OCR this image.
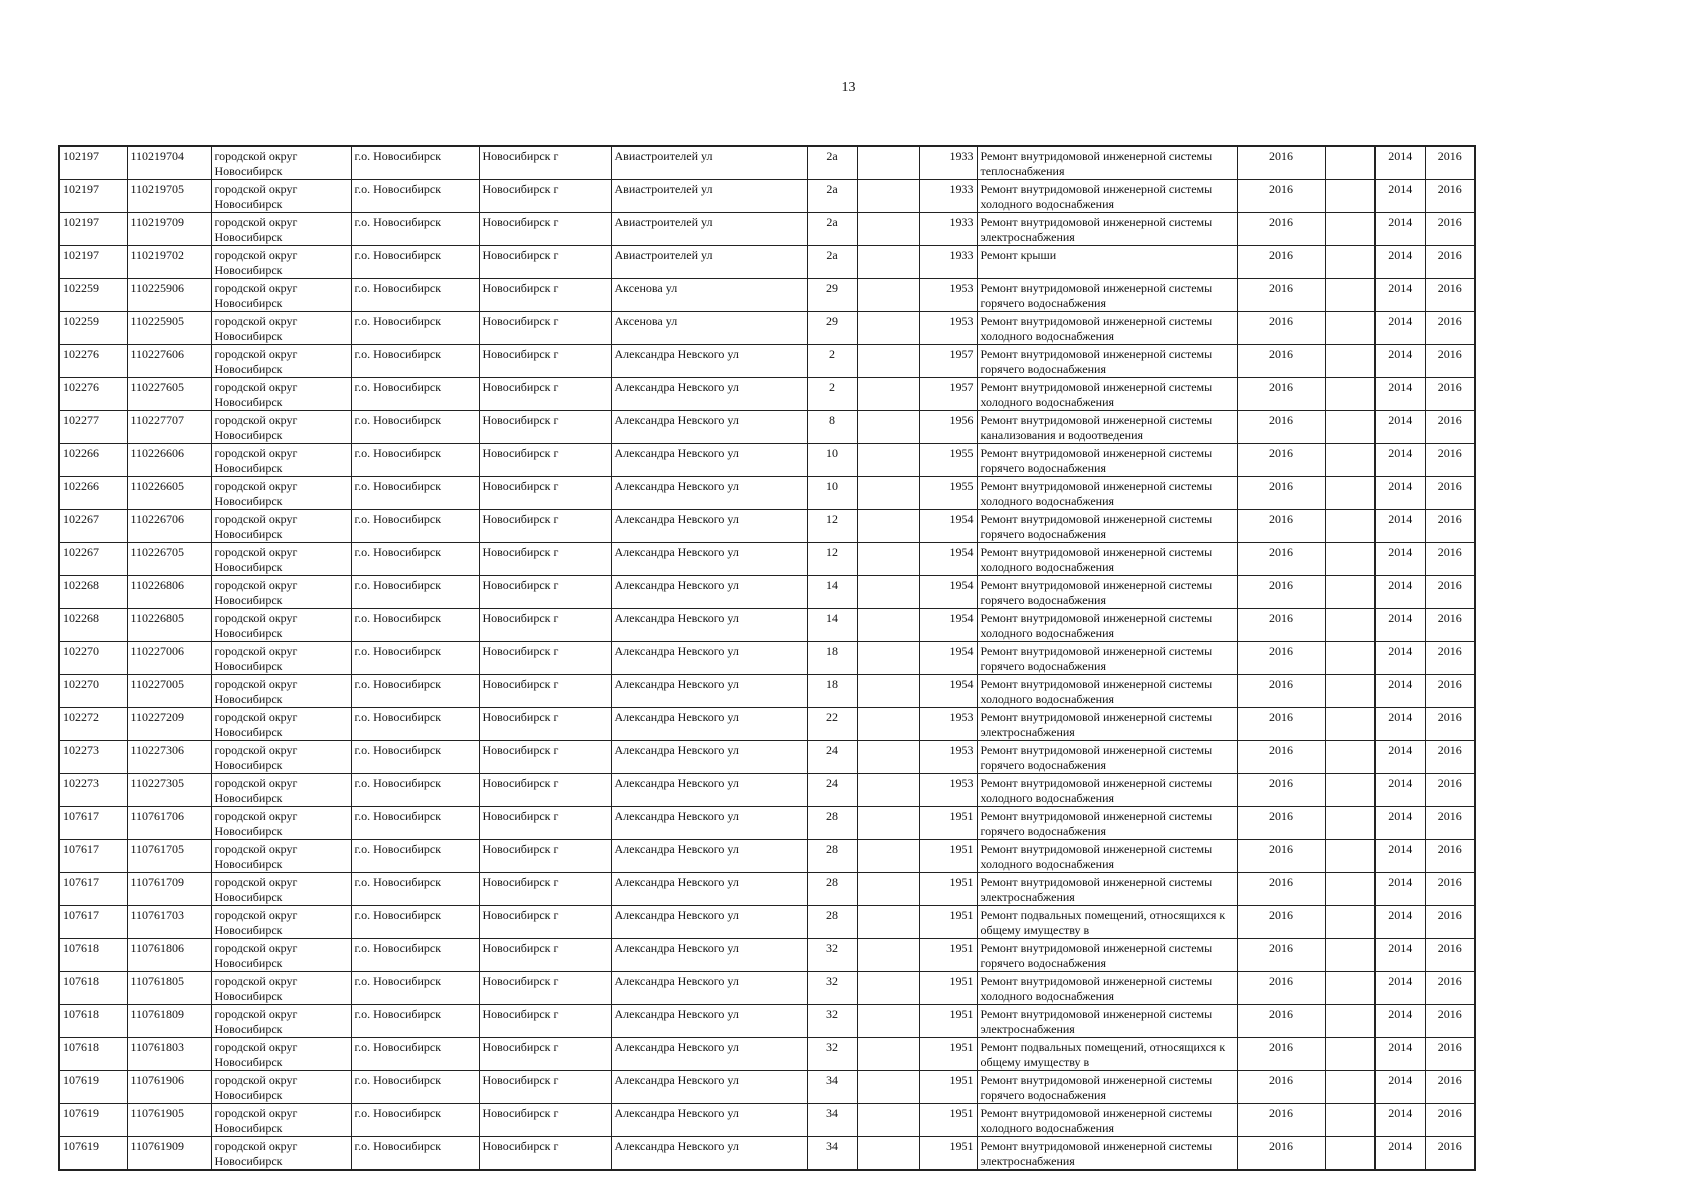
13
102197	110219704	городской округ Новосибирск	г.о. Новосибирск	Новосибирск г	Авиастроителей ул	2а		1933	Ремонт внутридомовой инженерной системы теплоснабжения	2016		2014	2016
102197	110219705	городской округ Новосибирск	г.о. Новосибирск	Новосибирск г	Авиастроителей ул	2а		1933	Ремонт внутридомовой инженерной системы холодного водоснабжения	2016		2014	2016
102197	110219709	городской округ Новосибирск	г.о. Новосибирск	Новосибирск г	Авиастроителей ул	2а		1933	Ремонт внутридомовой инженерной системы электроснабжения	2016		2014	2016
102197	110219702	городской округ Новосибирск	г.о. Новосибирск	Новосибирск г	Авиастроителей ул	2а		1933	Ремонт крыши	2016		2014	2016
102259	110225906	городской округ Новосибирск	г.о. Новосибирск	Новосибирск г	Аксенова ул	29		1953	Ремонт внутридомовой инженерной системы горячего водоснабжения	2016		2014	2016
102259	110225905	городской округ Новосибирск	г.о. Новосибирск	Новосибирск г	Аксенова ул	29		1953	Ремонт внутридомовой инженерной системы холодного водоснабжения	2016		2014	2016
102276	110227606	городской округ Новосибирск	г.о. Новосибирск	Новосибирск г	Александра Невского ул	2		1957	Ремонт внутридомовой инженерной системы горячего водоснабжения	2016		2014	2016
102276	110227605	городской округ Новосибирск	г.о. Новосибирск	Новосибирск г	Александра Невского ул	2		1957	Ремонт внутридомовой инженерной системы холодного водоснабжения	2016		2014	2016
102277	110227707	городской округ Новосибирск	г.о. Новосибирск	Новосибирск г	Александра Невского ул	8		1956	Ремонт внутридомовой инженерной системы канализования и водоотведения	2016		2014	2016
102266	110226606	городской округ Новосибирск	г.о. Новосибирск	Новосибирск г	Александра Невского ул	10		1955	Ремонт внутридомовой инженерной системы горячего водоснабжения	2016		2014	2016
102266	110226605	городской округ Новосибирск	г.о. Новосибирск	Новосибирск г	Александра Невского ул	10		1955	Ремонт внутридомовой инженерной системы холодного водоснабжения	2016		2014	2016
102267	110226706	городской округ Новосибирск	г.о. Новосибирск	Новосибирск г	Александра Невского ул	12		1954	Ремонт внутридомовой инженерной системы горячего водоснабжения	2016		2014	2016
102267	110226705	городской округ Новосибирск	г.о. Новосибирск	Новосибирск г	Александра Невского ул	12		1954	Ремонт внутридомовой инженерной системы холодного водоснабжения	2016		2014	2016
102268	110226806	городской округ Новосибирск	г.о. Новосибирск	Новосибирск г	Александра Невского ул	14		1954	Ремонт внутридомовой инженерной системы горячего водоснабжения	2016		2014	2016
102268	110226805	городской округ Новосибирск	г.о. Новосибирск	Новосибирск г	Александра Невского ул	14		1954	Ремонт внутридомовой инженерной системы холодного водоснабжения	2016		2014	2016
102270	110227006	городской округ Новосибирск	г.о. Новосибирск	Новосибирск г	Александра Невского ул	18		1954	Ремонт внутридомовой инженерной системы горячего водоснабжения	2016		2014	2016
102270	110227005	городской округ Новосибирск	г.о. Новосибирск	Новосибирск г	Александра Невского ул	18		1954	Ремонт внутридомовой инженерной системы холодного водоснабжения	2016		2014	2016
102272	110227209	городской округ Новосибирск	г.о. Новосибирск	Новосибирск г	Александра Невского ул	22		1953	Ремонт внутридомовой инженерной системы электроснабжения	2016		2014	2016
102273	110227306	городской округ Новосибирск	г.о. Новосибирск	Новосибирск г	Александра Невского ул	24		1953	Ремонт внутридомовой инженерной системы горячего водоснабжения	2016		2014	2016
102273	110227305	городской округ Новосибирск	г.о. Новосибирск	Новосибирск г	Александра Невского ул	24		1953	Ремонт внутридомовой инженерной системы холодного водоснабжения	2016		2014	2016
107617	110761706	городской округ Новосибирск	г.о. Новосибирск	Новосибирск г	Александра Невского ул	28		1951	Ремонт внутридомовой инженерной системы горячего водоснабжения	2016		2014	2016
107617	110761705	городской округ Новосибирск	г.о. Новосибирск	Новосибирск г	Александра Невского ул	28		1951	Ремонт внутридомовой инженерной системы холодного водоснабжения	2016		2014	2016
107617	110761709	городской округ Новосибирск	г.о. Новосибирск	Новосибирск г	Александра Невского ул	28		1951	Ремонт внутридомовой инженерной системы электроснабжения	2016		2014	2016
107617	110761703	городской округ Новосибирск	г.о. Новосибирск	Новосибирск г	Александра Невского ул	28		1951	Ремонт подвальных помещений, относящихся к общему имуществу в	2016		2014	2016
107618	110761806	городской округ Новосибирск	г.о. Новосибирск	Новосибирск г	Александра Невского ул	32		1951	Ремонт внутридомовой инженерной системы горячего водоснабжения	2016		2014	2016
107618	110761805	городской округ Новосибирск	г.о. Новосибирск	Новосибирск г	Александра Невского ул	32		1951	Ремонт внутридомовой инженерной системы холодного водоснабжения	2016		2014	2016
107618	110761809	городской округ Новосибирск	г.о. Новосибирск	Новосибирск г	Александра Невского ул	32		1951	Ремонт внутридомовой инженерной системы электроснабжения	2016		2014	2016
107618	110761803	городской округ Новосибирск	г.о. Новосибирск	Новосибирск г	Александра Невского ул	32		1951	Ремонт подвальных помещений, относящихся к общему имуществу в	2016		2014	2016
107619	110761906	городской округ Новосибирск	г.о. Новосибирск	Новосибирск г	Александра Невского ул	34		1951	Ремонт внутридомовой инженерной системы горячего водоснабжения	2016		2014	2016
107619	110761905	городской округ Новосибирск	г.о. Новосибирск	Новосибирск г	Александра Невского ул	34		1951	Ремонт внутридомовой инженерной системы холодного водоснабжения	2016		2014	2016
107619	110761909	городской округ Новосибирск	г.о. Новосибирск	Новосибирск г	Александра Невского ул	34		1951	Ремонт внутридомовой инженерной системы электроснабжения	2016		2014	2016
